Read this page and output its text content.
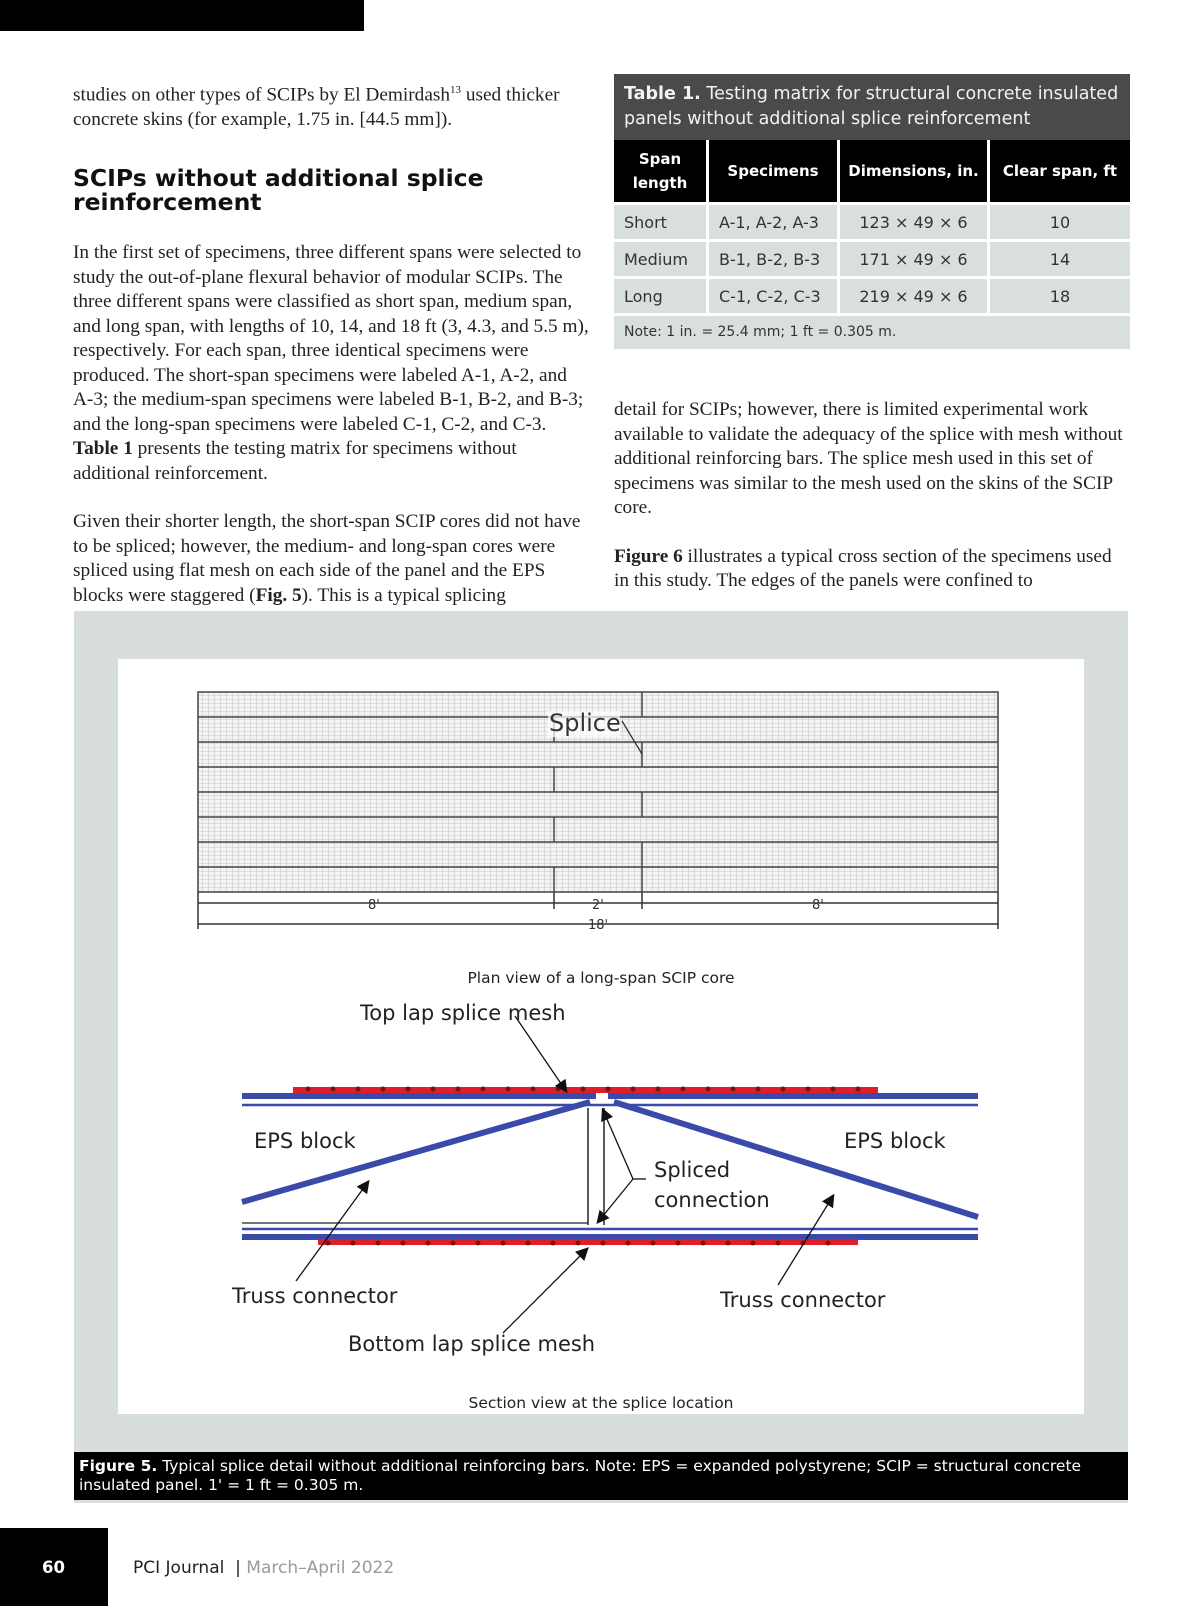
studies on other types of SCIPs by El Demirdash$^{13}$ used thicker concrete skins (for example, 1.75 in. [44.5 mm]).

SCIPs without additional splice reinforcement

In the first set of specimens, three different spans were selected to study the out-of-plane flexural behavior of modular SCIPs. The three different spans were classified as short span, medium span, and long span, with lengths of 10, 14, and 18 ft (3, 4.3, and 5.5 m), respectively. For each span, three identical specimens were produced. The short-span specimens were labeled A-1, A-2, and A-3; the medium-span specimens were labeled B-1, B-2, and B-3; and the long-span specimens were labeled C-1, C-2, and C-3. Table 1 presents the testing matrix for specimens without additional reinforcement.

Given their shorter length, the short-span SCIP cores did not have to be spliced; however, the medium- and long-span cores were spliced using flat mesh on each side of the panel and the EPS blocks were staggered (Fig. 5). This is a typical splicing

Table 1. Testing matrix for structural concrete insulated panels without additional splice reinforcement
Span length	Specimens	Dimensions, in.	Clear span, ft
Short	A-1, A-2, A-3	123 × 49 × 6	10
Medium	B-1, B-2, B-3	171 × 49 × 6	14
Long	C-1, C-2, C-3	219 × 49 × 6	18
Note: 1 in. = 25.4 mm; 1 ft = 0.305 m.

detail for SCIPs; however, there is limited experimental work available to validate the adequacy of the splice with mesh without additional reinforcing bars. The splice mesh used in this set of specimens was similar to the mesh used on the skins of the SCIP core.

Figure 6 illustrates a typical cross section of the specimens used in this study. The edges of the panels were confined to

Splice
8'	2'	8'
18'
Top lap splice mesh
EPS block	EPS block
Spliced
connection
Truss connector	Truss connector
Bottom lap splice mesh
Plan view of a long-span SCIP core
Section view at the splice location
Figure 5. Typical splice detail without additional reinforcing bars. Note: EPS = expanded polystyrene; SCIP = structural concrete insulated panel. 1' = 1 ft = 0.305 m.
60	PCI Journal | March–April 2022
